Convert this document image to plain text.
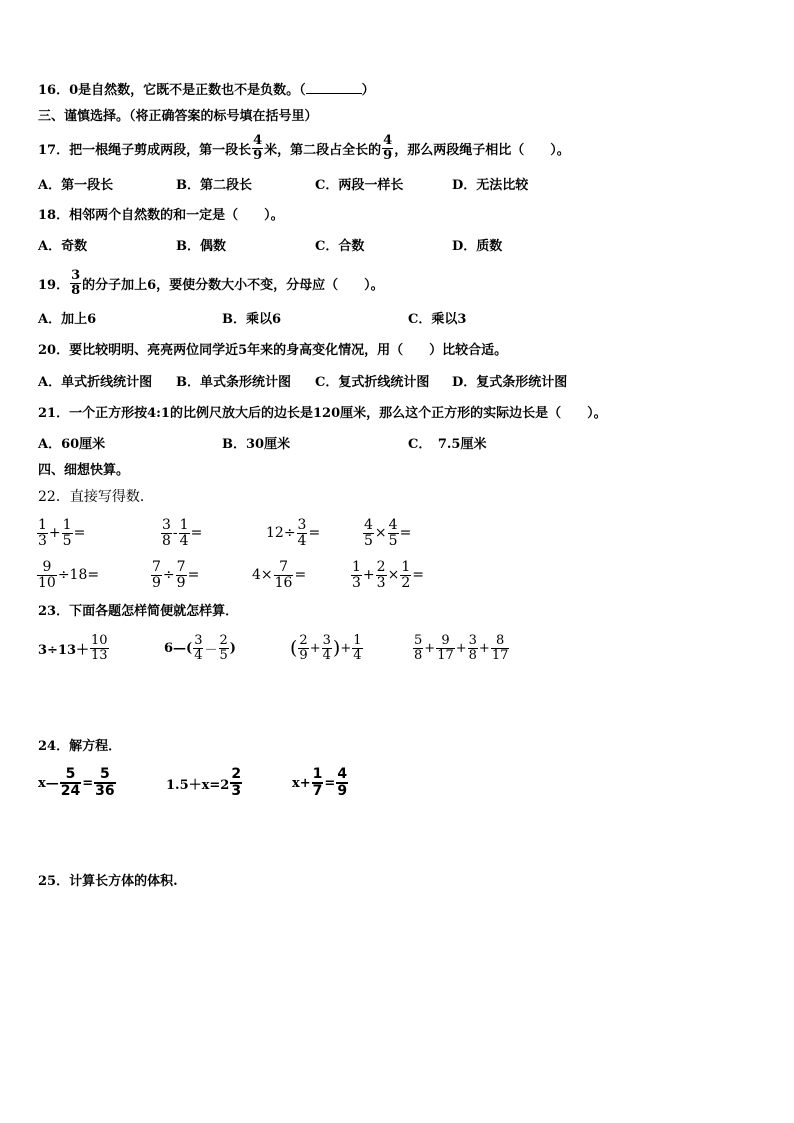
16．0是自然数，它既不是正数也不是负数。（	）
三、谨慎选择。（将正确答案的标号填在括号里）
17．把一根绳子剪成两段，第一段长 $\frac{4}{9}$ 米，第二段占全长的 $\frac{4}{9}$ ，那么两段绳子相比（　　）。
A．第一段长	B．第二段长	C．两段一样长	D．无法比较
18．相邻两个自然数的和一定是（　　）。
A．奇数	B．偶数	C．合数	D．质数
19． $\frac{3}{8}$ 的分子加上6，要使分数大小不变，分母应（　　）。
A．加上6	B．乘以6	C．乘以3
20．要比较明明、亮亮两位同学近5年来的身高变化情况，用（　　）比较合适。
A．单式折线统计图 B．单式条形统计图 C．复式折线统计图 D．复式条形统计图
21．一个正方形按4:1的比例尺放大后的边长是120厘米，那么这个正方形的实际边长是（　　）。
A．60厘米	B．30厘米	C．　7.5厘米
四、细想快算。
22．直接写得数．
$\frac{1}{3} + \frac{1}{5}$ =	$\frac{3}{8} - \frac{1}{4}$ =	$12\div \frac{3}{4}$ =	$\frac{4}{5} \times \frac{4}{5}$ =
$\frac{9}{10} \div 18=$	$\frac{7}{9} \div \frac{7}{9}$ =	$4\times \frac{7}{16}$ =	$\frac{1}{3} + \frac{2}{3} \times \frac{1}{2}$ =
23．下面各题怎样简便就怎样算．
$3\div 13+ \frac{10}{13}$	6—( $\frac{3}{4} - \frac{2}{5}$ )	( $\frac{2}{9} + \frac{3}{4}$ ) + $\frac{1}{4}$	$\frac{5}{8} + \frac{9}{17} + \frac{3}{8} + \frac{8}{17}$
24．解方程．
x— $\frac{5}{24} = \frac{5}{36}$	$1.5+x=2 \frac{2}{3}$	$x+ \frac{1}{7} = \frac{4}{9}$
25．计算长方体的体积.
